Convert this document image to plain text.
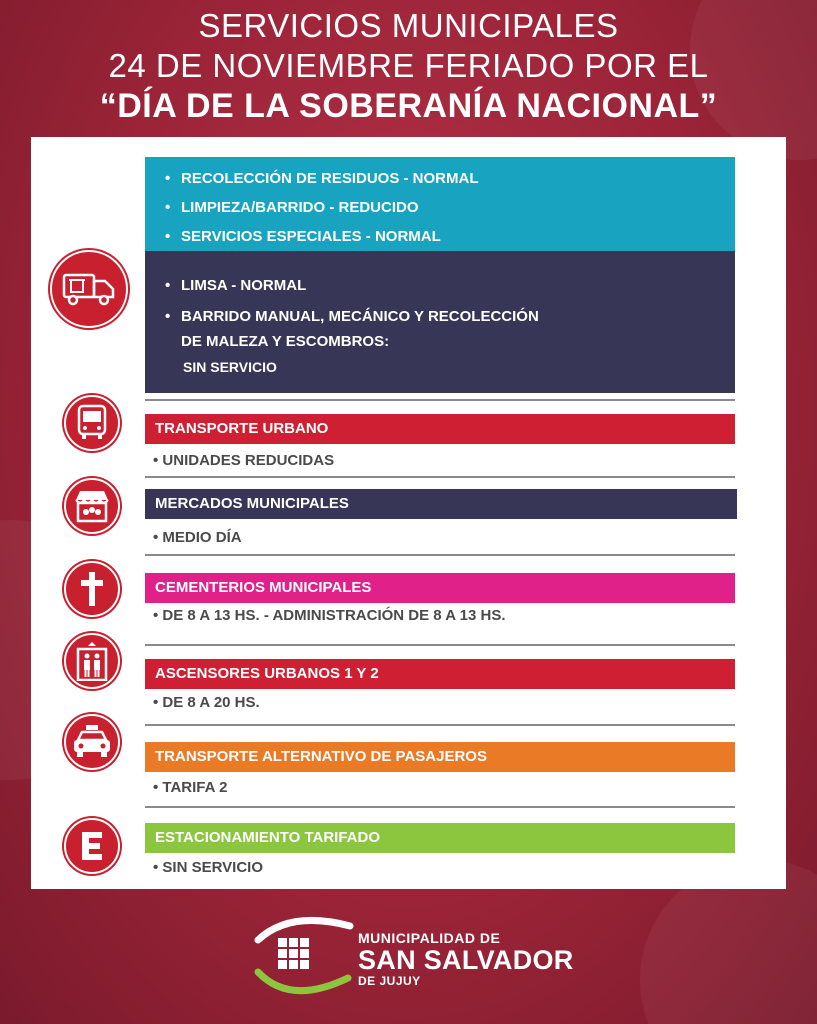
SERVICIOS MUNICIPALES
24 DE NOVIEMBRE FERIADO POR EL
“DÍA DE LA SOBERANÍA NACIONAL”
• RECOLECCIÓN DE RESIDUOS - NORMAL
• LIMPIEZA/BARRIDO - REDUCIDO
• SERVICIOS ESPECIALES - NORMAL
• LIMSA - NORMAL
• BARRIDO MANUAL, MECÁNICO Y RECOLECCIÓN
DE MALEZA Y ESCOMBROS:
SIN SERVICIO
TRANSPORTE URBANO
• UNIDADES REDUCIDAS
MERCADOS MUNICIPALES
• MEDIO DÍA
CEMENTERIOS MUNICIPALES
• DE 8 A 13 HS. - ADMINISTRACIÓN DE 8 A 13 HS.
ASCENSORES URBANOS 1 Y 2
• DE 8 A 20 HS.
TRANSPORTE ALTERNATIVO DE PASAJEROS
• TARIFA 2
ESTACIONAMIENTO TARIFADO
• SIN SERVICIO
MUNICIPALIDAD DE
SAN SALVADOR
DE JUJUY
